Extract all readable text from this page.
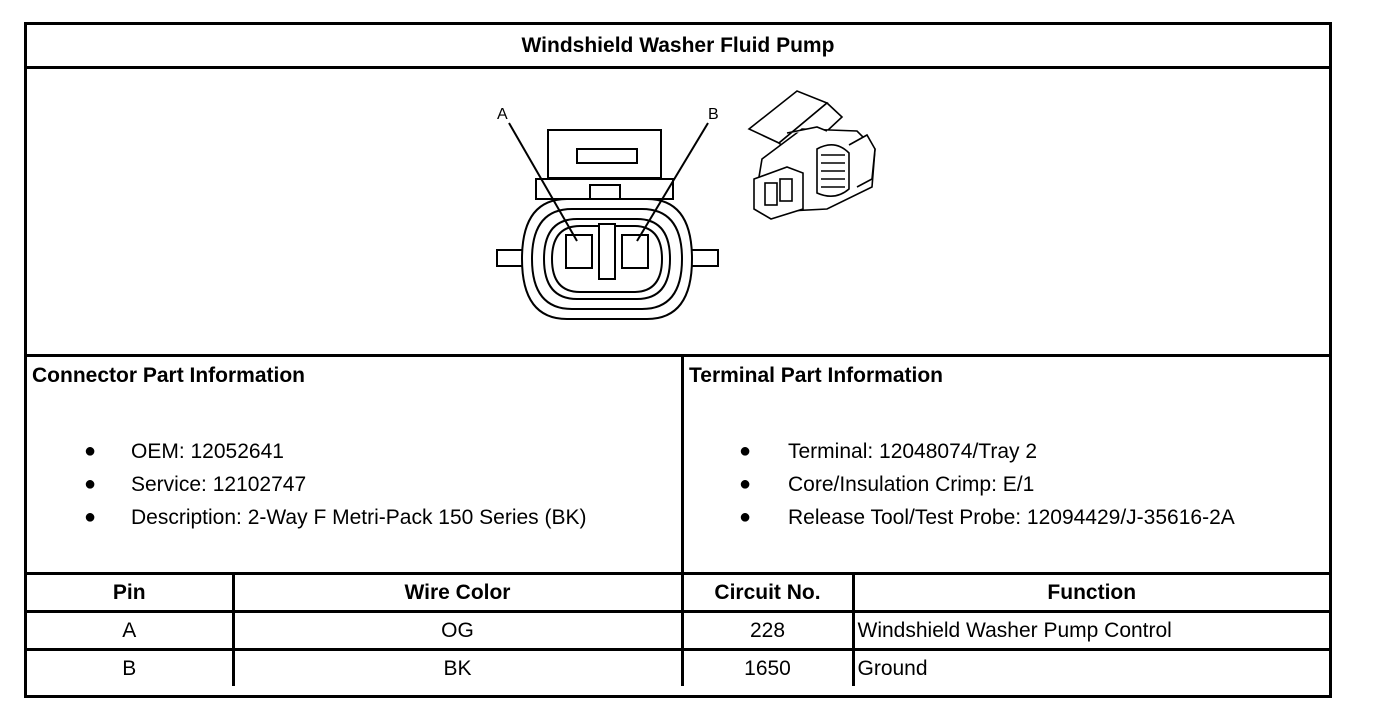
Windshield Washer Fluid Pump
A	B
Connector Part Information
● OEM: 12052641
● Service: 12102747
● Description: 2-Way F Metri-Pack 150 Series (BK)
Terminal Part Information
● Terminal: 12048074/Tray 2
● Core/Insulation Crimp: E/1
● Release Tool/Test Probe: 12094429/J-35616-2A
Pin	Wire Color	Circuit No.	Function
A	OG	228	Windshield Washer Pump Control
B	BK	1650	Ground
